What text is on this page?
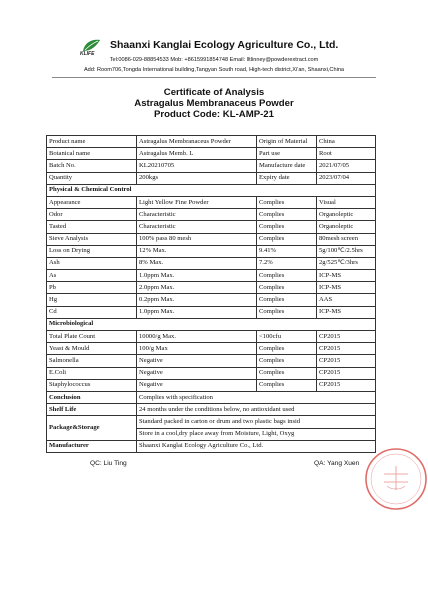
KLIFE
Shaanxi Kanglai Ecology Agriculture Co., Ltd.
Tel:0086-029-88854533 Mob: +8615991854748 Email: lltlinney@powderextract.com
Add: Room706,Tongda International building,Tangyan South road, High-tech district,Xi'an, Shaanxi,China
Certificate of Analysis
Astragalus Membranaceus Powder
Product Code: KL-AMP-21
Product name	Astragalus Membranaceus Powder	Origin of Material	China
Botanical name	Astragalus Memb. L	Part use	Root
Batch No.	KL20210705	Manufacture date	2021/07/05
Quantity	200kgs	Expiry date	2023/07/04
Physical & Chemical Control			
Appearance	Light Yellow Fine Powder	Complies	Visual
Odor	Characteristic	Complies	Organoleptic
Tasted	Characteristic	Complies	Organoleptic
Sieve Analysis	100% pass 80 mesh	Complies	80mesh screen
Loss on Drying	12% Max.	9.41%	5g/100℃/2.5hrs
Ash	8% Max.	7.2%	2g/525℃/3hrs
As	1.0ppm Max.	Complies	ICP-MS
Pb	2.0ppm Max.	Complies	ICP-MS
Hg	0.2ppm Max.	Complies	AAS
Cd	1.0ppm Max.	Complies	ICP-MS
Microbiological			
Total Plate Count	10000/g Max.	<100cfu	CP2015
Yeast & Mould	100/g Max	Complies	CP2015
Salmonella	Negative	Complies	CP2015
E.Coli	Negative	Complies	CP2015
Staphylococcus	Negative	Complies	CP2015
Conclusion	Complies with specification		
Shelf Life	24 months under the conditions below, no antioxidant used		
Package&Storage	Standard packed in carton or drum and two plastic bags insid		
	Store in a cool,dry place away from Moisture, Light, Oxyg		
Manufacturer	Shaanxi Kanglai Ecology Agriculture Co., Ltd.		
QC: Liu Ting	QA: Yang Xuen
